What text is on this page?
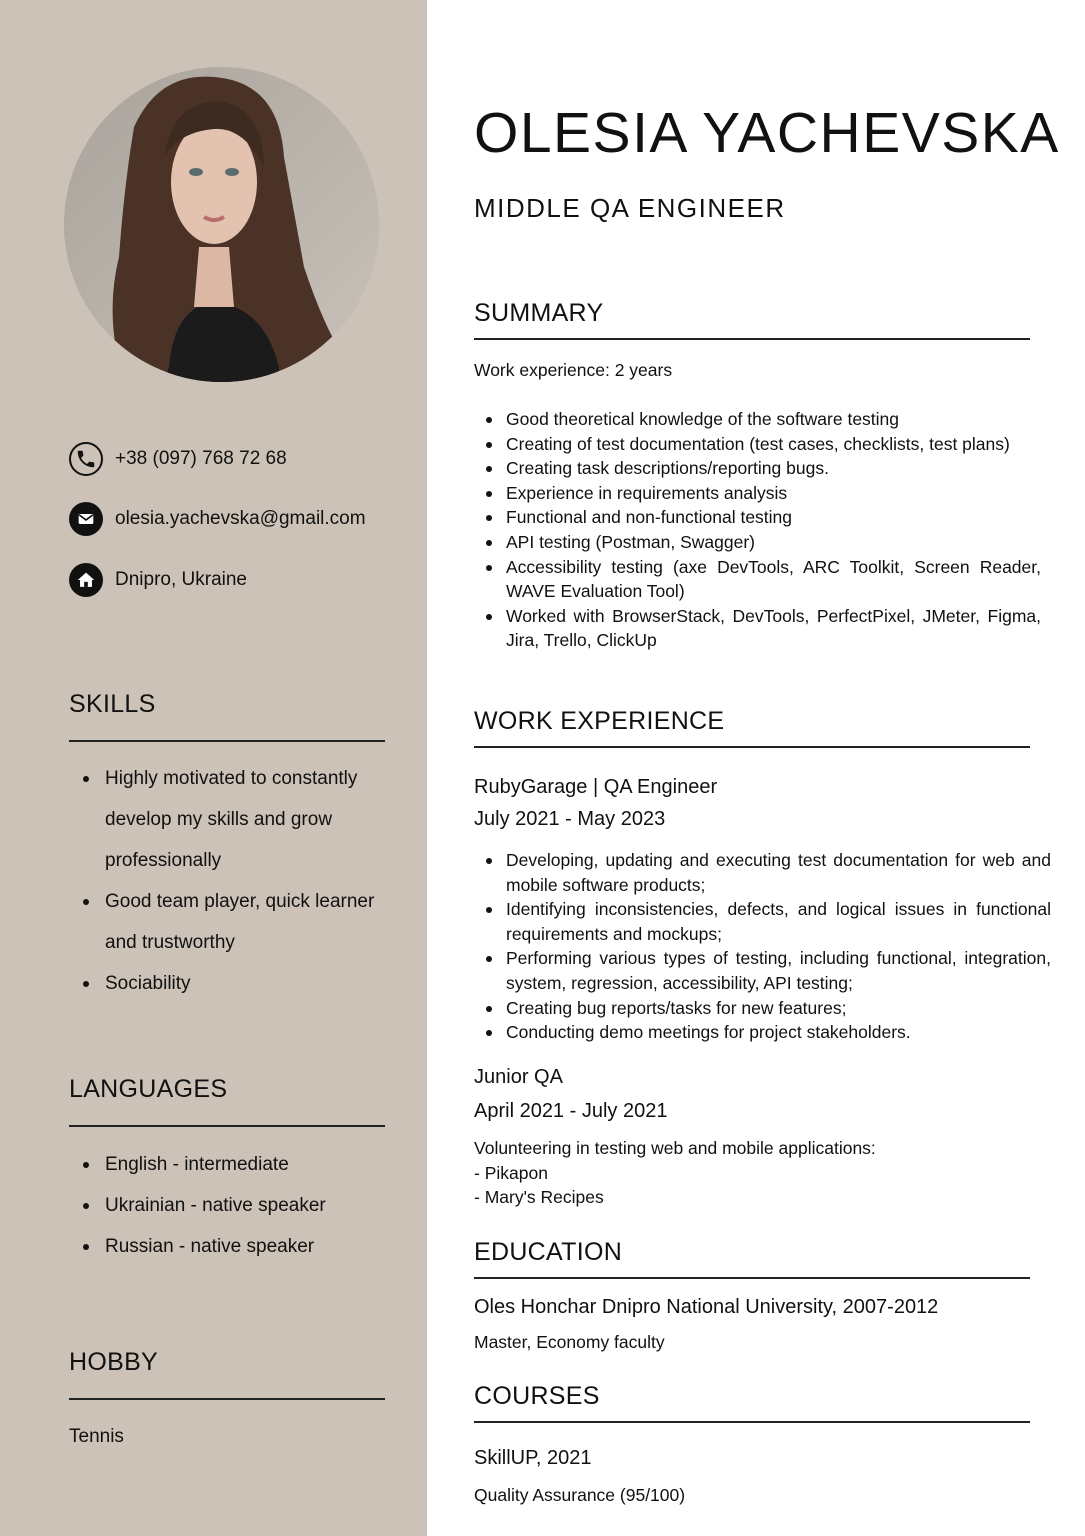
+38 (097) 768 72 68
olesia.yachevska@gmail.com
Dnipro, Ukraine
SKILLS
Highly motivated to constantly develop my skills and grow professionally
Good team player, quick learner and trustworthy
Sociability
LANGUAGES
English - intermediate
Ukrainian - native speaker
Russian - native speaker
HOBBY
Tennis
OLESIA YACHEVSKA
MIDDLE QA ENGINEER
SUMMARY
Work experience: 2 years
Good theoretical knowledge of the software testing
Creating of test documentation (test cases, checklists, test plans)
Creating task descriptions/reporting bugs.
Experience in requirements analysis
Functional and non-functional testing
API testing (Postman, Swagger)
Accessibility testing (axe DevTools, ARC Toolkit, Screen Reader, WAVE Evaluation Tool)
Worked with BrowserStack, DevTools, PerfectPixel, JMeter, Figma, Jira, Trello, ClickUp
WORK EXPERIENCE
RubyGarage | QA Engineer
July 2021 - May 2023
Developing, updating and executing test documentation for web and mobile software products;
Identifying inconsistencies, defects, and logical issues in functional requirements and mockups;
Performing various types of testing, including functional, integration, system, regression, accessibility, API testing;
Creating bug reports/tasks for new features;
Conducting demo meetings for project stakeholders.
Junior QA
April 2021 - July 2021
Volunteering in testing web and mobile applications:
- Pikapon
- Mary's Recipes
EDUCATION
Oles Honchar Dnipro National University, 2007-2012
Master, Economy faculty
COURSES
SkillUP, 2021
Quality Assurance (95/100)
